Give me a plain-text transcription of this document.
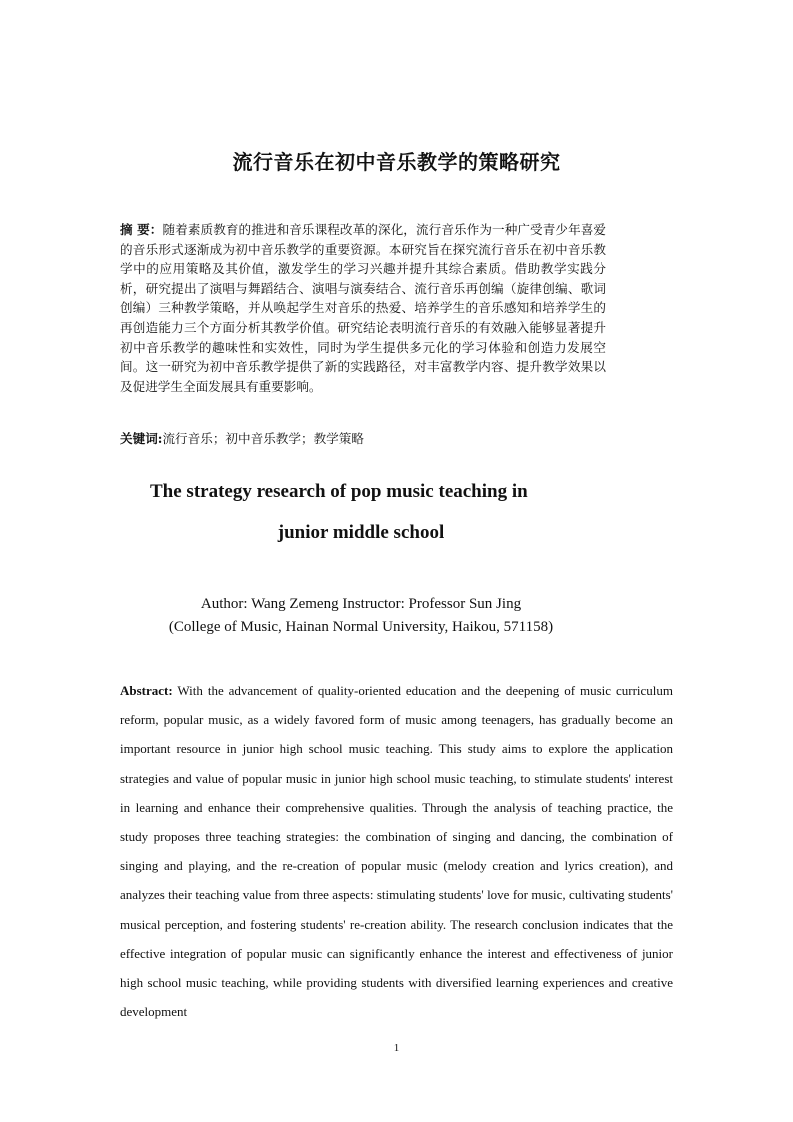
流行音乐在初中音乐教学的策略研究
摘 要：随着素质教育的推进和音乐课程改革的深化，流行音乐作为一种广受青少年喜爱的音乐形式逐渐成为初中音乐教学的重要资源。本研究旨在探究流行音乐在初中音乐教学中的应用策略及其价值，激发学生的学习兴趣并提升其综合素质。借助教学实践分析，研究提出了演唱与舞蹈结合、演唱与演奏结合、流行音乐再创编（旋律创编、歌词创编）三种教学策略，并从唤起学生对音乐的热爱、培养学生的音乐感知和培养学生的再创造能力三个方面分析其教学价值。研究结论表明流行音乐的有效融入能够显著提升初中音乐教学的趣味性和实效性，同时为学生提供多元化的学习体验和创造力发展空间。这一研究为初中音乐教学提供了新的实践路径，对丰富教学内容、提升教学效果以及促进学生全面发展具有重要影响。
关键词:流行音乐；初中音乐教学；教学策略
The strategy research of pop music teaching in
junior middle school
Author: Wang Zemeng Instructor: Professor Sun Jing
(College of Music, Hainan Normal University, Haikou, 571158)
Abstract: With the advancement of quality-oriented education and the deepening of music curriculum reform, popular music, as a widely favored form of music among teenagers, has gradually become an important resource in junior high school music teaching. This study aims to explore the application strategies and value of popular music in junior high school music teaching, to stimulate students' interest in learning and enhance their comprehensive qualities. Through the analysis of teaching practice, the study proposes three teaching strategies: the combination of singing and dancing, the combination of singing and playing, and the re-creation of popular music (melody creation and lyrics creation), and analyzes their teaching value from three aspects: stimulating students' love for music, cultivating students' musical perception, and fostering students' re-creation ability. The research conclusion indicates that the effective integration of popular music can significantly enhance the interest and effectiveness of junior high school music teaching, while providing students with diversified learning experiences and creative development
1
